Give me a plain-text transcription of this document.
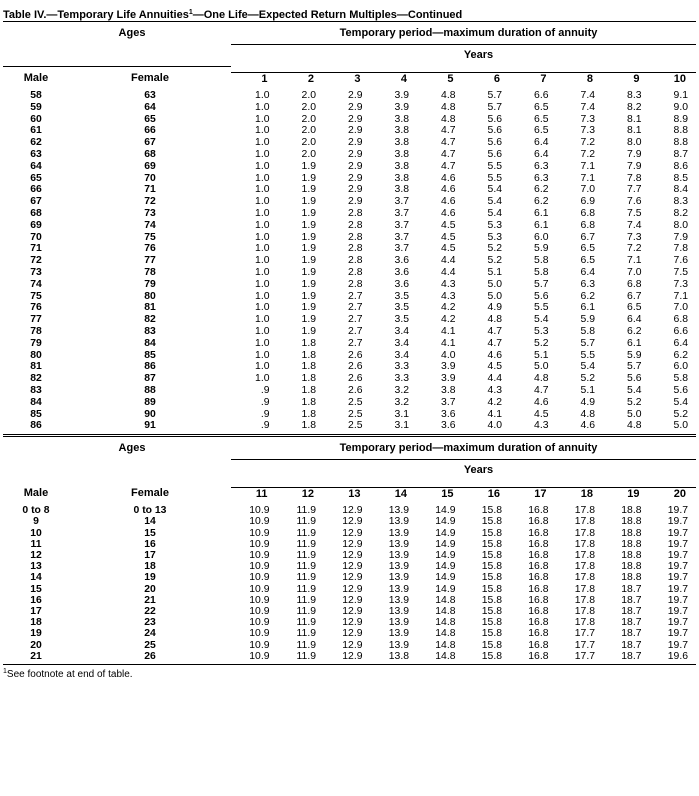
Table IV.—Temporary Life Annuities$^1$—One Life—Expected Return Multiples—Continued
Ages	Temporary period—maximum duration of annuity
	Years
Male	Female		1	2	3	4	5	6	7	8	9	10

58	63	1.0	2.0	2.9	3.9	4.8	5.7	6.6	7.4	8.3	9.1
59	64	1.0	2.0	2.9	3.9	4.8	5.7	6.5	7.4	8.2	9.0
60	65	1.0	2.0	2.9	3.8	4.8	5.6	6.5	7.3	8.1	8.9
61	66	1.0	2.0	2.9	3.8	4.7	5.6	6.5	7.3	8.1	8.8
62	67	1.0	2.0	2.9	3.8	4.7	5.6	6.4	7.2	8.0	8.8
63	68	1.0	2.0	2.9	3.8	4.7	5.6	6.4	7.2	7.9	8.7
64	69	1.0	1.9	2.9	3.8	4.7	5.5	6.3	7.1	7.9	8.6
65	70	1.0	1.9	2.9	3.8	4.6	5.5	6.3	7.1	7.8	8.5
66	71	1.0	1.9	2.9	3.8	4.6	5.4	6.2	7.0	7.7	8.4
67	72	1.0	1.9	2.9	3.7	4.6	5.4	6.2	6.9	7.6	8.3
68	73	1.0	1.9	2.8	3.7	4.6	5.4	6.1	6.8	7.5	8.2
69	74	1.0	1.9	2.8	3.7	4.5	5.3	6.1	6.8	7.4	8.0
70	75	1.0	1.9	2.8	3.7	4.5	5.3	6.0	6.7	7.3	7.9
71	76	1.0	1.9	2.8	3.7	4.5	5.2	5.9	6.5	7.2	7.8
72	77	1.0	1.9	2.8	3.6	4.4	5.2	5.8	6.5	7.1	7.6
73	78	1.0	1.9	2.8	3.6	4.4	5.1	5.8	6.4	7.0	7.5
74	79	1.0	1.9	2.8	3.6	4.3	5.0	5.7	6.3	6.8	7.3
75	80	1.0	1.9	2.7	3.5	4.3	5.0	5.6	6.2	6.7	7.1
76	81	1.0	1.9	2.7	3.5	4.2	4.9	5.5	6.1	6.5	7.0
77	82	1.0	1.9	2.7	3.5	4.2	4.8	5.4	5.9	6.4	6.8
78	83	1.0	1.9	2.7	3.4	4.1	4.7	5.3	5.8	6.2	6.6
79	84	1.0	1.8	2.7	3.4	4.1	4.7	5.2	5.7	6.1	6.4
80	85	1.0	1.8	2.6	3.4	4.0	4.6	5.1	5.5	5.9	6.2
81	86	1.0	1.8	2.6	3.3	3.9	4.5	5.0	5.4	5.7	6.0
82	87	1.0	1.8	2.6	3.3	3.9	4.4	4.8	5.2	5.6	5.8
83	88	.9	1.8	2.6	3.2	3.8	4.3	4.7	5.1	5.4	5.6
84	89	.9	1.8	2.5	3.2	3.7	4.2	4.6	4.9	5.2	5.4
85	90	.9	1.8	2.5	3.1	3.6	4.1	4.5	4.8	5.0	5.2
86	91	.9	1.8	2.5	3.1	3.6	4.0	4.3	4.6	4.8	5.0
Ages	Temporary period—maximum duration of annuity
	Years
Male	Female		11	12	13	14	15	16	17	18	19	20

0 to 8	0 to 13	10.9	11.9	12.9	13.9	14.9	15.8	16.8	17.8	18.8	19.7
9	14	10.9	11.9	12.9	13.9	14.9	15.8	16.8	17.8	18.8	19.7
10	15	10.9	11.9	12.9	13.9	14.9	15.8	16.8	17.8	18.8	19.7
11	16	10.9	11.9	12.9	13.9	14.9	15.8	16.8	17.8	18.8	19.7
12	17	10.9	11.9	12.9	13.9	14.9	15.8	16.8	17.8	18.8	19.7
13	18	10.9	11.9	12.9	13.9	14.9	15.8	16.8	17.8	18.8	19.7
14	19	10.9	11.9	12.9	13.9	14.9	15.8	16.8	17.8	18.8	19.7
15	20	10.9	11.9	12.9	13.9	14.9	15.8	16.8	17.8	18.7	19.7
16	21	10.9	11.9	12.9	13.9	14.8	15.8	16.8	17.8	18.7	19.7
17	22	10.9	11.9	12.9	13.9	14.8	15.8	16.8	17.8	18.7	19.7
18	23	10.9	11.9	12.9	13.9	14.8	15.8	16.8	17.8	18.7	19.7
19	24	10.9	11.9	12.9	13.9	14.8	15.8	16.8	17.7	18.7	19.7
20	25	10.9	11.9	12.9	13.9	14.8	15.8	16.8	17.7	18.7	19.7
21	26	10.9	11.9	12.9	13.8	14.8	15.8	16.8	17.7	18.7	19.6
$^1$See footnote at end of table.
